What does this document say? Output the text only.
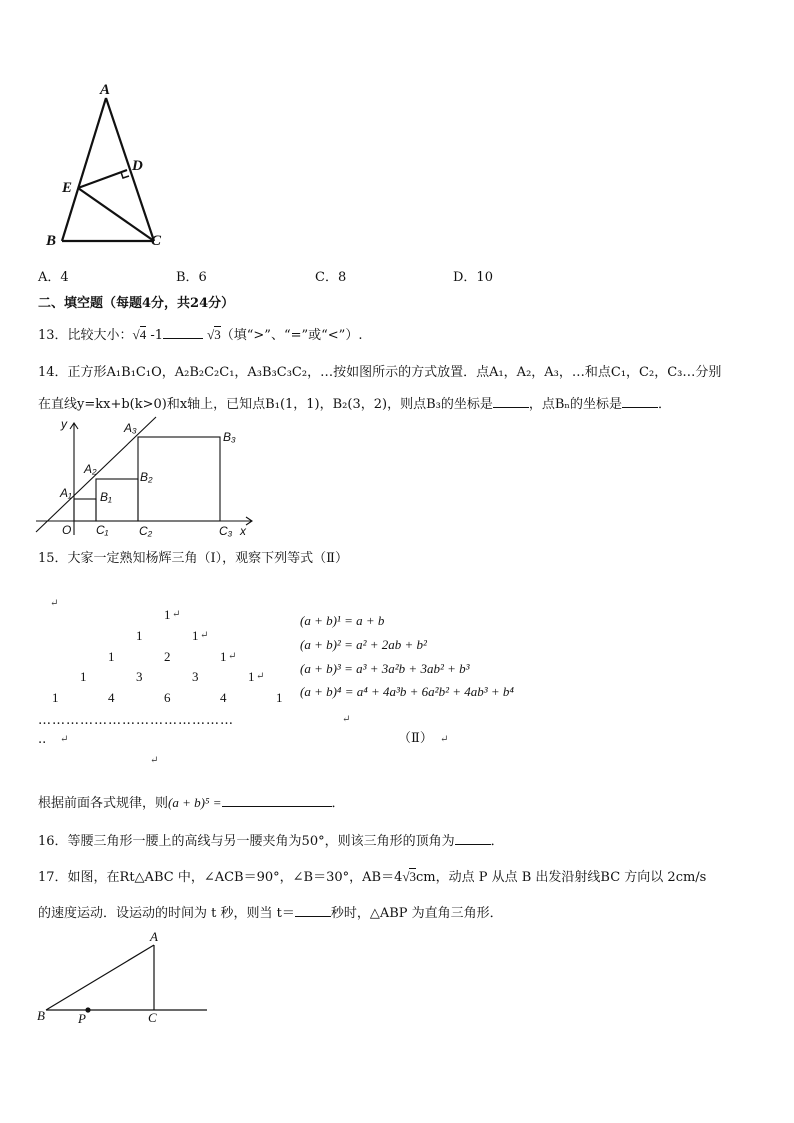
A
D
E
B	C
A．4	B．6	C．8	D．10
二、填空题（每题4分，共24分）
13．比较大小：√4 -1	√3（填“>”、“=”或“<”）.
14．正方形A₁B₁C₁O，A₂B₂C₂C₁，A₃B₃C₃C₂，…按如图所示的方式放置．点A₁，A₂，A₃，…和点C₁，C₂，C₃…分别
在直线y=kx+b(k>0)和x轴上，已知点B₁(1，1)，B₂(3，2)，则点B₃的坐标是	，点Bₙ的坐标是	．
y	A₃
B₃
A₂
B₂
A₁ B₁
O C₁	C₂	C₃ x
15．大家一定熟知杨辉三角（Ⅰ），观察下列等式（Ⅱ）
↵
1 ↵
1	1 ↵
1	2	1 ↵
1	3	3	1 ↵
1	4	6	4	1
……………………………………
.. ↵
↵
(a + b)¹ = a + b
(a + b)² = a² + 2ab + b²
(a + b)³ = a³ + 3a²b + 3ab² + b³
(a + b)⁴ = a⁴ + 4a³b + 6a²b² + 4ab³ + b⁴
↵
（Ⅱ） ↵
根据前面各式规律，则(a + b)⁵ =	．
16．等腰三角形一腰上的高线与另一腰夹角为50°，则该三角形的顶角为	．
17．如图，在Rt△ABC 中，∠ACB＝90°，∠B＝30°，AB＝4√3cm，动点 P 从点 B 出发沿射线BC 方向以 2cm/s
的速度运动．设运动的时间为 t 秒，则当 t＝	秒时，△ABP 为直角三角形．
A
B	P	C
